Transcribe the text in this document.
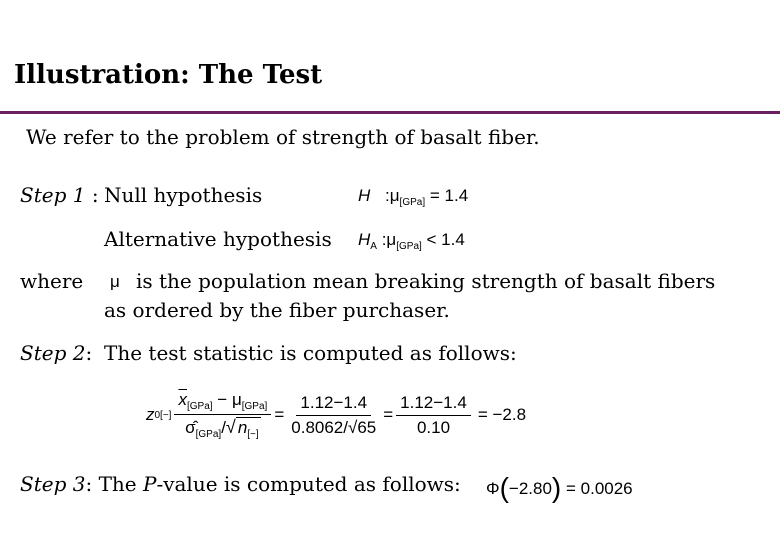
Illustration: The Test
We refer to the problem of strength of basalt fiber.
Step 1 : Null hypothesis	H $:\mu_{[GPa]} = 1.4$
Alternative hypothesis $H_A$ $:\mu_{[GPa]} < 1.4$
where μ is the population mean breaking strength of basalt fibers
as ordered by the fiber purchaser.
Step 2: The test statistic is computed as follows:
z $0[-] \frac{\overline{x}_{[GPa]} - \mu_{[GPa]}}{\sigmâ_{[GPa]}/√ n_{[-]}} = \frac{1.12-1.4}{0.8062/√65} = \frac{1.12-1.4}{0.10} = -2.8$
Step 3: The P-value is computed as follows: Φ(−2.80) = 0.0026
